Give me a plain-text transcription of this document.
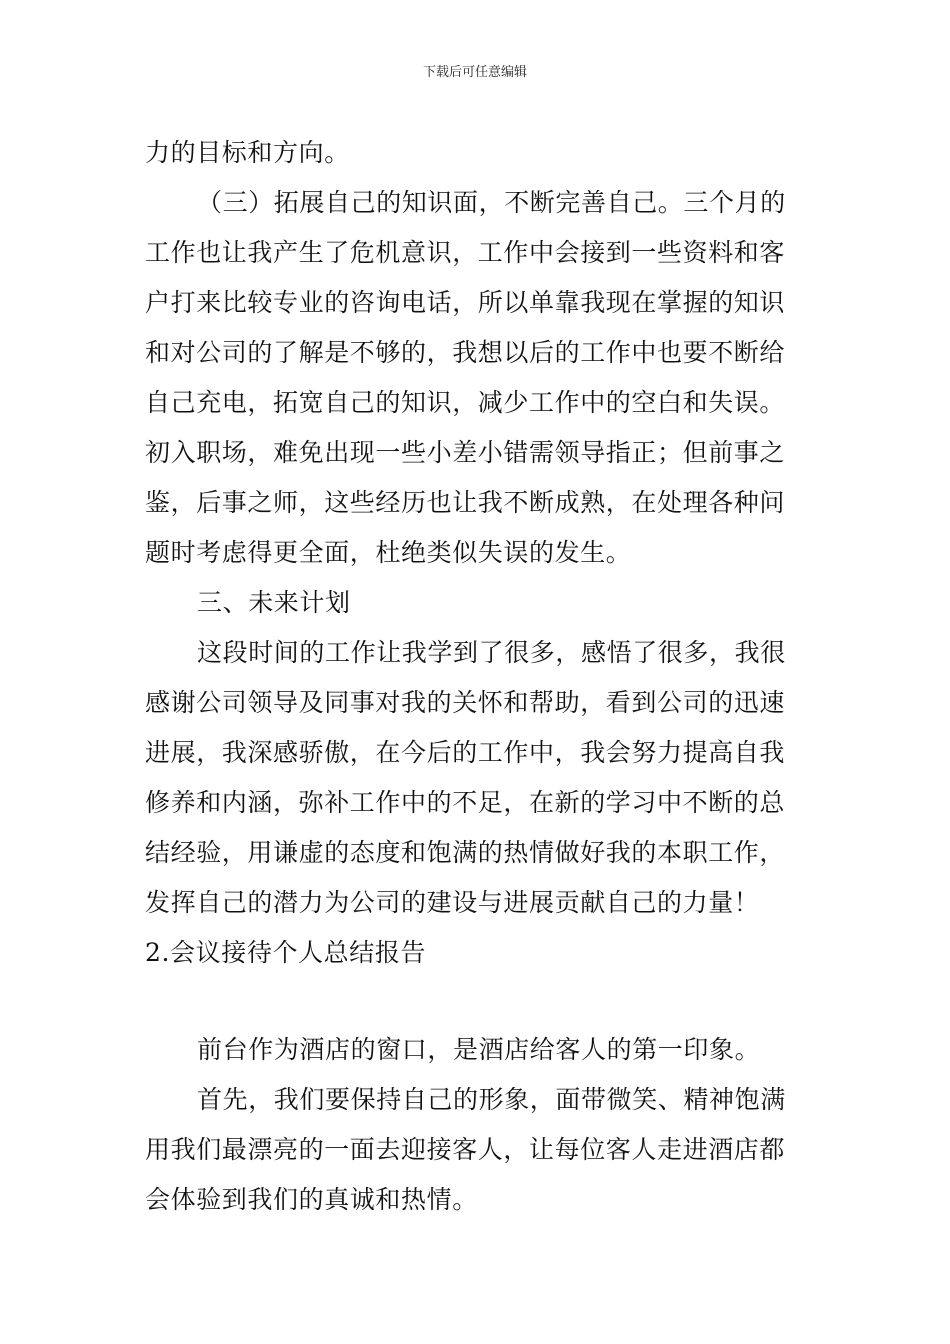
下载后可任意编辑
力的目标和方向。
（三）拓展自己的知识面，不断完善自己。三个月的
工作也让我产生了危机意识，工作中会接到一些资料和客
户打来比较专业的咨询电话，所以单靠我现在掌握的知识
和对公司的了解是不够的，我想以后的工作中也要不断给
自己充电，拓宽自己的知识，减少工作中的空白和失误。
初入职场，难免出现一些小差小错需领导指正；但前事之
鉴，后事之师，这些经历也让我不断成熟，在处理各种问
题时考虑得更全面，杜绝类似失误的发生。
三、未来计划
这段时间的工作让我学到了很多，感悟了很多，我很
感谢公司领导及同事对我的关怀和帮助，看到公司的迅速
进展，我深感骄傲，在今后的工作中，我会努力提高自我
修养和内涵，弥补工作中的不足，在新的学习中不断的总
结经验，用谦虚的态度和饱满的热情做好我的本职工作，
发挥自己的潜力为公司的建设与进展贡献自己的力量！
2.会议接待个人总结报告
前台作为酒店的窗口，是酒店给客人的第一印象。
首先，我们要保持自己的形象，面带微笑、精神饱满
用我们最漂亮的一面去迎接客人，让每位客人走进酒店都
会体验到我们的真诚和热情。
